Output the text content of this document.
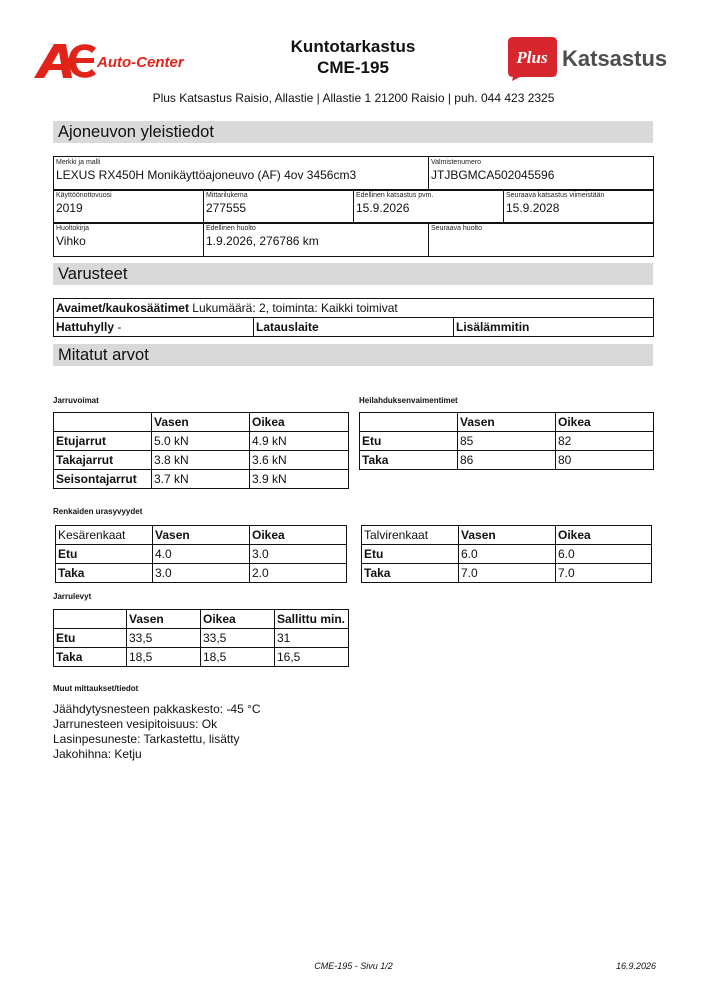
Auto-Center
Kuntotarkastus
CME-195
Plus Katsastus
Plus Katsastus Raisio, Allastie | Allastie 1 21200 Raisio | puh. 044 423 2325
Ajoneuvon yleistiedot
Merkki ja malli
LEXUS RX450H Monikäyttöajoneuvo (AF) 4ov 3456cm3

Valmistenumero
JTJBGMCA502045596
Käyttöönottovuosi
2019

Mittarilukema
277555

Edellinen katsastus pvm.
15.9.2026

Seuraava katsastus viimeistään
15.9.2028
Huoltokirja
Vihko

Edellinen huolto
1.9.2026, 276786 km

Seuraava huolto
Varusteet
Avaimet/kaukosäätimet Lukumäärä: 2, toiminta: Kaikki toimivat
Hattuhylly -	Latauslaite	Lisälämmitin
Mitatut arvot
Jarruvoimat	Heilahduksenvaimentimet
	Vasen	Oikea
Etujarrut	5.0 kN	4.9 kN
Takajarrut	3.8 kN	3.6 kN
Seisontajarrut	3.7 kN	3.9 kN
	Vasen	Oikea
Etu	85	82
Taka	86	80
Renkaiden urasyvyydet
Kesärenkaat	Vasen	Oikea
Etu	4.0	3.0
Taka	3.0	2.0
Talvirenkaat	Vasen	Oikea
Etu	6.0	6.0
Taka	7.0	7.0
Jarrulevyt
	Vasen	Oikea	Sallittu min.
Etu	33,5	33,5	31
Taka	18,5	18,5	16,5
Muut mittaukset/tiedot
Jäähdytysnesteen pakkaskesto: -45 °C
Jarrunesteen vesipitoisuus: Ok
Lasinpesuneste: Tarkastettu, lisätty
Jakohihna: Ketju
CME-195 - Sivu 1/2	16.9.2026
